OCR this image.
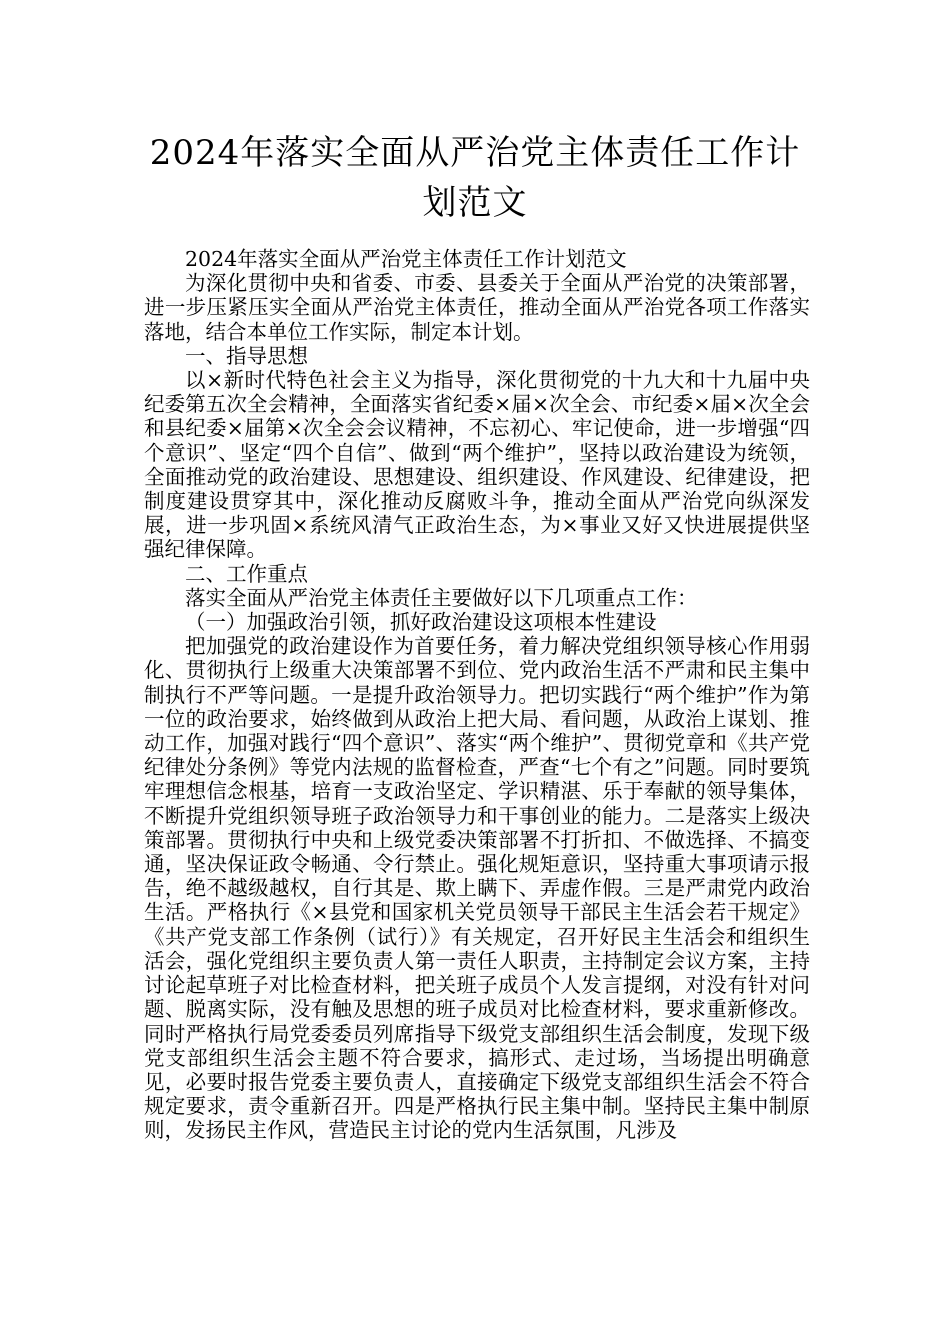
2024年落实全面从严治党主体责任工作计划范文

2024年落实全面从严治党主体责任工作计划范文

为深化贯彻中央和省委、市委、县委关于全面从严治党的决策部署，进一步压紧压实全面从严治党主体责任，推动全面从严治党各项工作落实落地，结合本单位工作实际，制定本计划。

一、指导思想

以×新时代特色社会主义为指导，深化贯彻党的十九大和十九届中央纪委第五次全会精神，全面落实省纪委×届×次全会、市纪委×届×次全会和县纪委×届第×次全会会议精神，不忘初心、牢记使命，进一步增强“四个意识”、坚定“四个自信”、做到“两个维护”，坚持以政治建设为统领，全面推动党的政治建设、思想建设、组织建设、作风建设、纪律建设，把制度建设贯穿其中，深化推动反腐败斗争，推动全面从严治党向纵深发展，进一步巩固×系统风清气正政治生态，为×事业又好又快进展提供坚强纪律保障。

二、工作重点

落实全面从严治党主体责任主要做好以下几项重点工作：

（一）加强政治引领，抓好政治建设这项根本性建设

把加强党的政治建设作为首要任务，着力解决党组织领导核心作用弱化、贯彻执行上级重大决策部署不到位、党内政治生活不严肃和民主集中制执行不严等问题。一是提升政治领导力。把切实践行“两个维护”作为第一位的政治要求，始终做到从政治上把大局、看问题，从政治上谋划、推动工作，加强对践行“四个意识”、落实“两个维护”、贯彻党章和《共产党纪律处分条例》等党内法规的监督检查，严查“七个有之”问题。同时要筑牢理想信念根基，培育一支政治坚定、学识精湛、乐于奉献的领导集体，不断提升党组织领导班子政治领导力和干事创业的能力。二是落实上级决策部署。贯彻执行中央和上级党委决策部署不打折扣、不做选择、不搞变通，坚决保证政令畅通、令行禁止。强化规矩意识，坚持重大事项请示报告，绝不越级越权，自行其是、欺上瞒下、弄虚作假。三是严肃党内政治生活。严格执行《×县党和国家机关党员领导干部民主生活会若干规定》《共产党支部工作条例（试行）》有关规定，召开好民主生活会和组织生活会，强化党组织主要负责人第一责任人职责，主持制定会议方案，主持讨论起草班子对比检查材料，把关班子成员个人发言提纲，对没有针对问题、脱离实际，没有触及思想的班子成员对比检查材料，要求重新修改。同时严格执行局党委委员列席指导下级党支部组织生活会制度，发现下级党支部组织生活会主题不符合要求，搞形式、走过场，当场提出明确意见，必要时报告党委主要负责人，直接确定下级党支部组织生活会不符合规定要求，责令重新召开。四是严格执行民主集中制。坚持民主集中制原则，发扬民主作风，营造民主讨论的党内生活氛围，凡涉及
